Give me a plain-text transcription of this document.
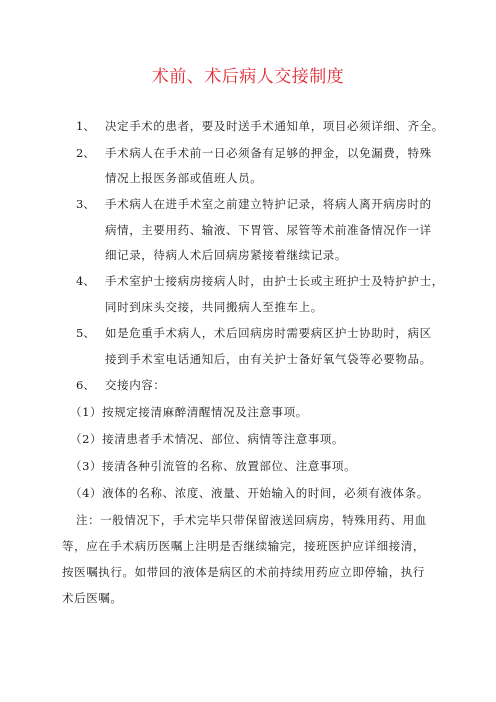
术前、术后病人交接制度
1、 决定手术的患者，要及时送手术通知单，项目必须详细、齐全。
2、 手术病人在手术前一日必须备有足够的押金，以免漏费，特殊
情况上报医务部或值班人员。
3、 手术病人在进手术室之前建立特护记录，将病人离开病房时的
病情，主要用药、输液、下胃管、尿管等术前准备情况作一详
细记录，待病人术后回病房紧接着继续记录。
4、 手术室护士接病房接病人时，由护士长或主班护士及特护护士，
同时到床头交接，共同搬病人至推车上。
5、 如是危重手术病人，术后回病房时需要病区护士协助时，病区
接到手术室电话通知后，由有关护士备好氧气袋等必要物品。
6、 交接内容：
（1）按规定接清麻醉清醒情况及注意事项。
（2）接清患者手术情况、部位、病情等注意事项。
（3）接清各种引流管的名称、放置部位、注意事项。
（4）液体的名称、浓度、液量、开始输入的时间，必须有液体条。
注：一般情况下，手术完毕只带保留液送回病房，特殊用药、用血
等，应在手术病历医嘱上注明是否继续输完，接班医护应详细接清，
按医嘱执行。如带回的液体是病区的术前持续用药应立即停输，执行
术后医嘱。
